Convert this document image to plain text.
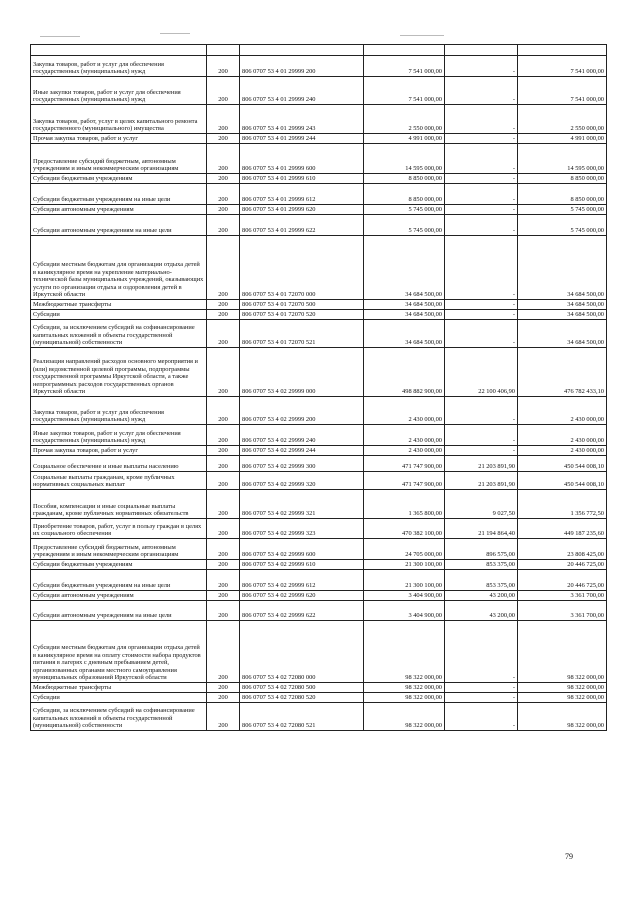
Закупка товаров, работ и услуг для обеспечения государственных (муниципальных) нужд	200	806 0707 53 4 01 29999 200	7 541 000,00	-	7 541 000,00
Иные закупки товаров, работ и услуг для обеспечения государственных (муниципальных) нужд	200	806 0707 53 4 01 29999 240	7 541 000,00	-	7 541 000,00
Закупка товаров, работ, услуг в целях капитального ремонта государственного (муниципального) имущества	200	806 0707 53 4 01 29999 243	2 550 000,00	-	2 550 000,00
Прочая закупка товаров, работ и услуг	200	806 0707 53 4 01 29999 244	4 991 000,00	-	4 991 000,00
Предоставление субсидий бюджетным, автономным учреждениям и иным некоммерческим организациям	200	806 0707 53 4 01 29999 600	14 595 000,00	-	14 595 000,00
Субсидии бюджетным учреждениям	200	806 0707 53 4 01 29999 610	8 850 000,00	-	8 850 000,00
Субсидии бюджетным учреждениям на иные цели	200	806 0707 53 4 01 29999 612	8 850 000,00	-	8 850 000,00
Субсидии автономным учреждениям	200	806 0707 53 4 01 29999 620	5 745 000,00	-	5 745 000,00
Субсидии автономным учреждениям на иные цели	200	806 0707 53 4 01 29999 622	5 745 000,00	-	5 745 000,00
Субсидии местным бюджетам для организации отдыха детей в каникулярное время на укрепление материально-технической базы муниципальных учреждений, оказывающих услуги по организации отдыха и оздоровления детей в Иркутской области	200	806 0707 53 4 01 72070 000	34 684 500,00	-	34 684 500,00
Межбюджетные трансферты	200	806 0707 53 4 01 72070 500	34 684 500,00	-	34 684 500,00
Субсидии	200	806 0707 53 4 01 72070 520	34 684 500,00	-	34 684 500,00
Субсидии, за исключением субсидий на софинансирование капитальных вложений в объекты государственной (муниципальной) собственности	200	806 0707 53 4 01 72070 521	34 684 500,00	-	34 684 500,00
Реализация направлений расходов основного мероприятия и (или) ведомственной целевой программы, подпрограммы государственной программы Иркутской области, а также непрограммных расходов государственных органов Иркутской области	200	806 0707 53 4 02 29999 000	498 882 900,00	22 100 406,90	476 782 433,10
Закупка товаров, работ и услуг для обеспечения государственных (муниципальных) нужд	200	806 0707 53 4 02 29999 200	2 430 000,00	-	2 430 000,00
Иные закупки товаров, работ и услуг для обеспечения государственных (муниципальных) нужд	200	806 0707 53 4 02 29999 240	2 430 000,00	-	2 430 000,00
Прочая закупка товаров, работ и услуг	200	806 0707 53 4 02 29999 244	2 430 000,00	-	2 430 000,00
Социальное обеспечение и иные выплаты населению	200	806 0707 53 4 02 29999 300	471 747 900,00	21 203 891,90	450 544 008,10
Социальные выплаты гражданам, кроме публичных нормативных социальных выплат	200	806 0707 53 4 02 29999 320	471 747 900,00	21 203 891,90	450 544 008,10
Пособия, компенсации и иные социальные выплаты гражданам, кроме публичных нормативных обязательств	200	806 0707 53 4 02 29999 321	1 365 800,00	9 027,50	1 356 772,50
Приобретение товаров, работ, услуг в пользу граждан в целях их социального обеспечения	200	806 0707 53 4 02 29999 323	470 382 100,00	21 194 864,40	449 187 235,60
Предоставление субсидий бюджетным, автономным учреждениям и иным некоммерческим организациям	200	806 0707 53 4 02 29999 600	24 705 000,00	896 575,00	23 808 425,00
Субсидии бюджетным учреждениям	200	806 0707 53 4 02 29999 610	21 300 100,00	853 375,00	20 446 725,00
Субсидии бюджетным учреждениям на иные цели	200	806 0707 53 4 02 29999 612	21 300 100,00	853 375,00	20 446 725,00
Субсидии автономным учреждениям	200	806 0707 53 4 02 29999 620	3 404 900,00	43 200,00	3 361 700,00
Субсидии автономным учреждениям на иные цели	200	806 0707 53 4 02 29999 622	3 404 900,00	43 200,00	3 361 700,00
Субсидии местным бюджетам для организации отдыха детей в каникулярное время на оплату стоимости набора продуктов питания в лагерях с дневным пребыванием детей, организованных органами местного самоуправления муниципальных образований Иркутской области	200	806 0707 53 4 02 72080 000	98 322 000,00	-	98 322 000,00
Межбюджетные трансферты	200	806 0707 53 4 02 72080 500	98 322 000,00	-	98 322 000,00
Субсидии	200	806 0707 53 4 02 72080 520	98 322 000,00	-	98 322 000,00
Субсидии, за исключением субсидий на софинансирование капитальных вложений в объекты государственной (муниципальной) собственности	200	806 0707 53 4 02 72080 521	98 322 000,00	-	98 322 000,00
79
